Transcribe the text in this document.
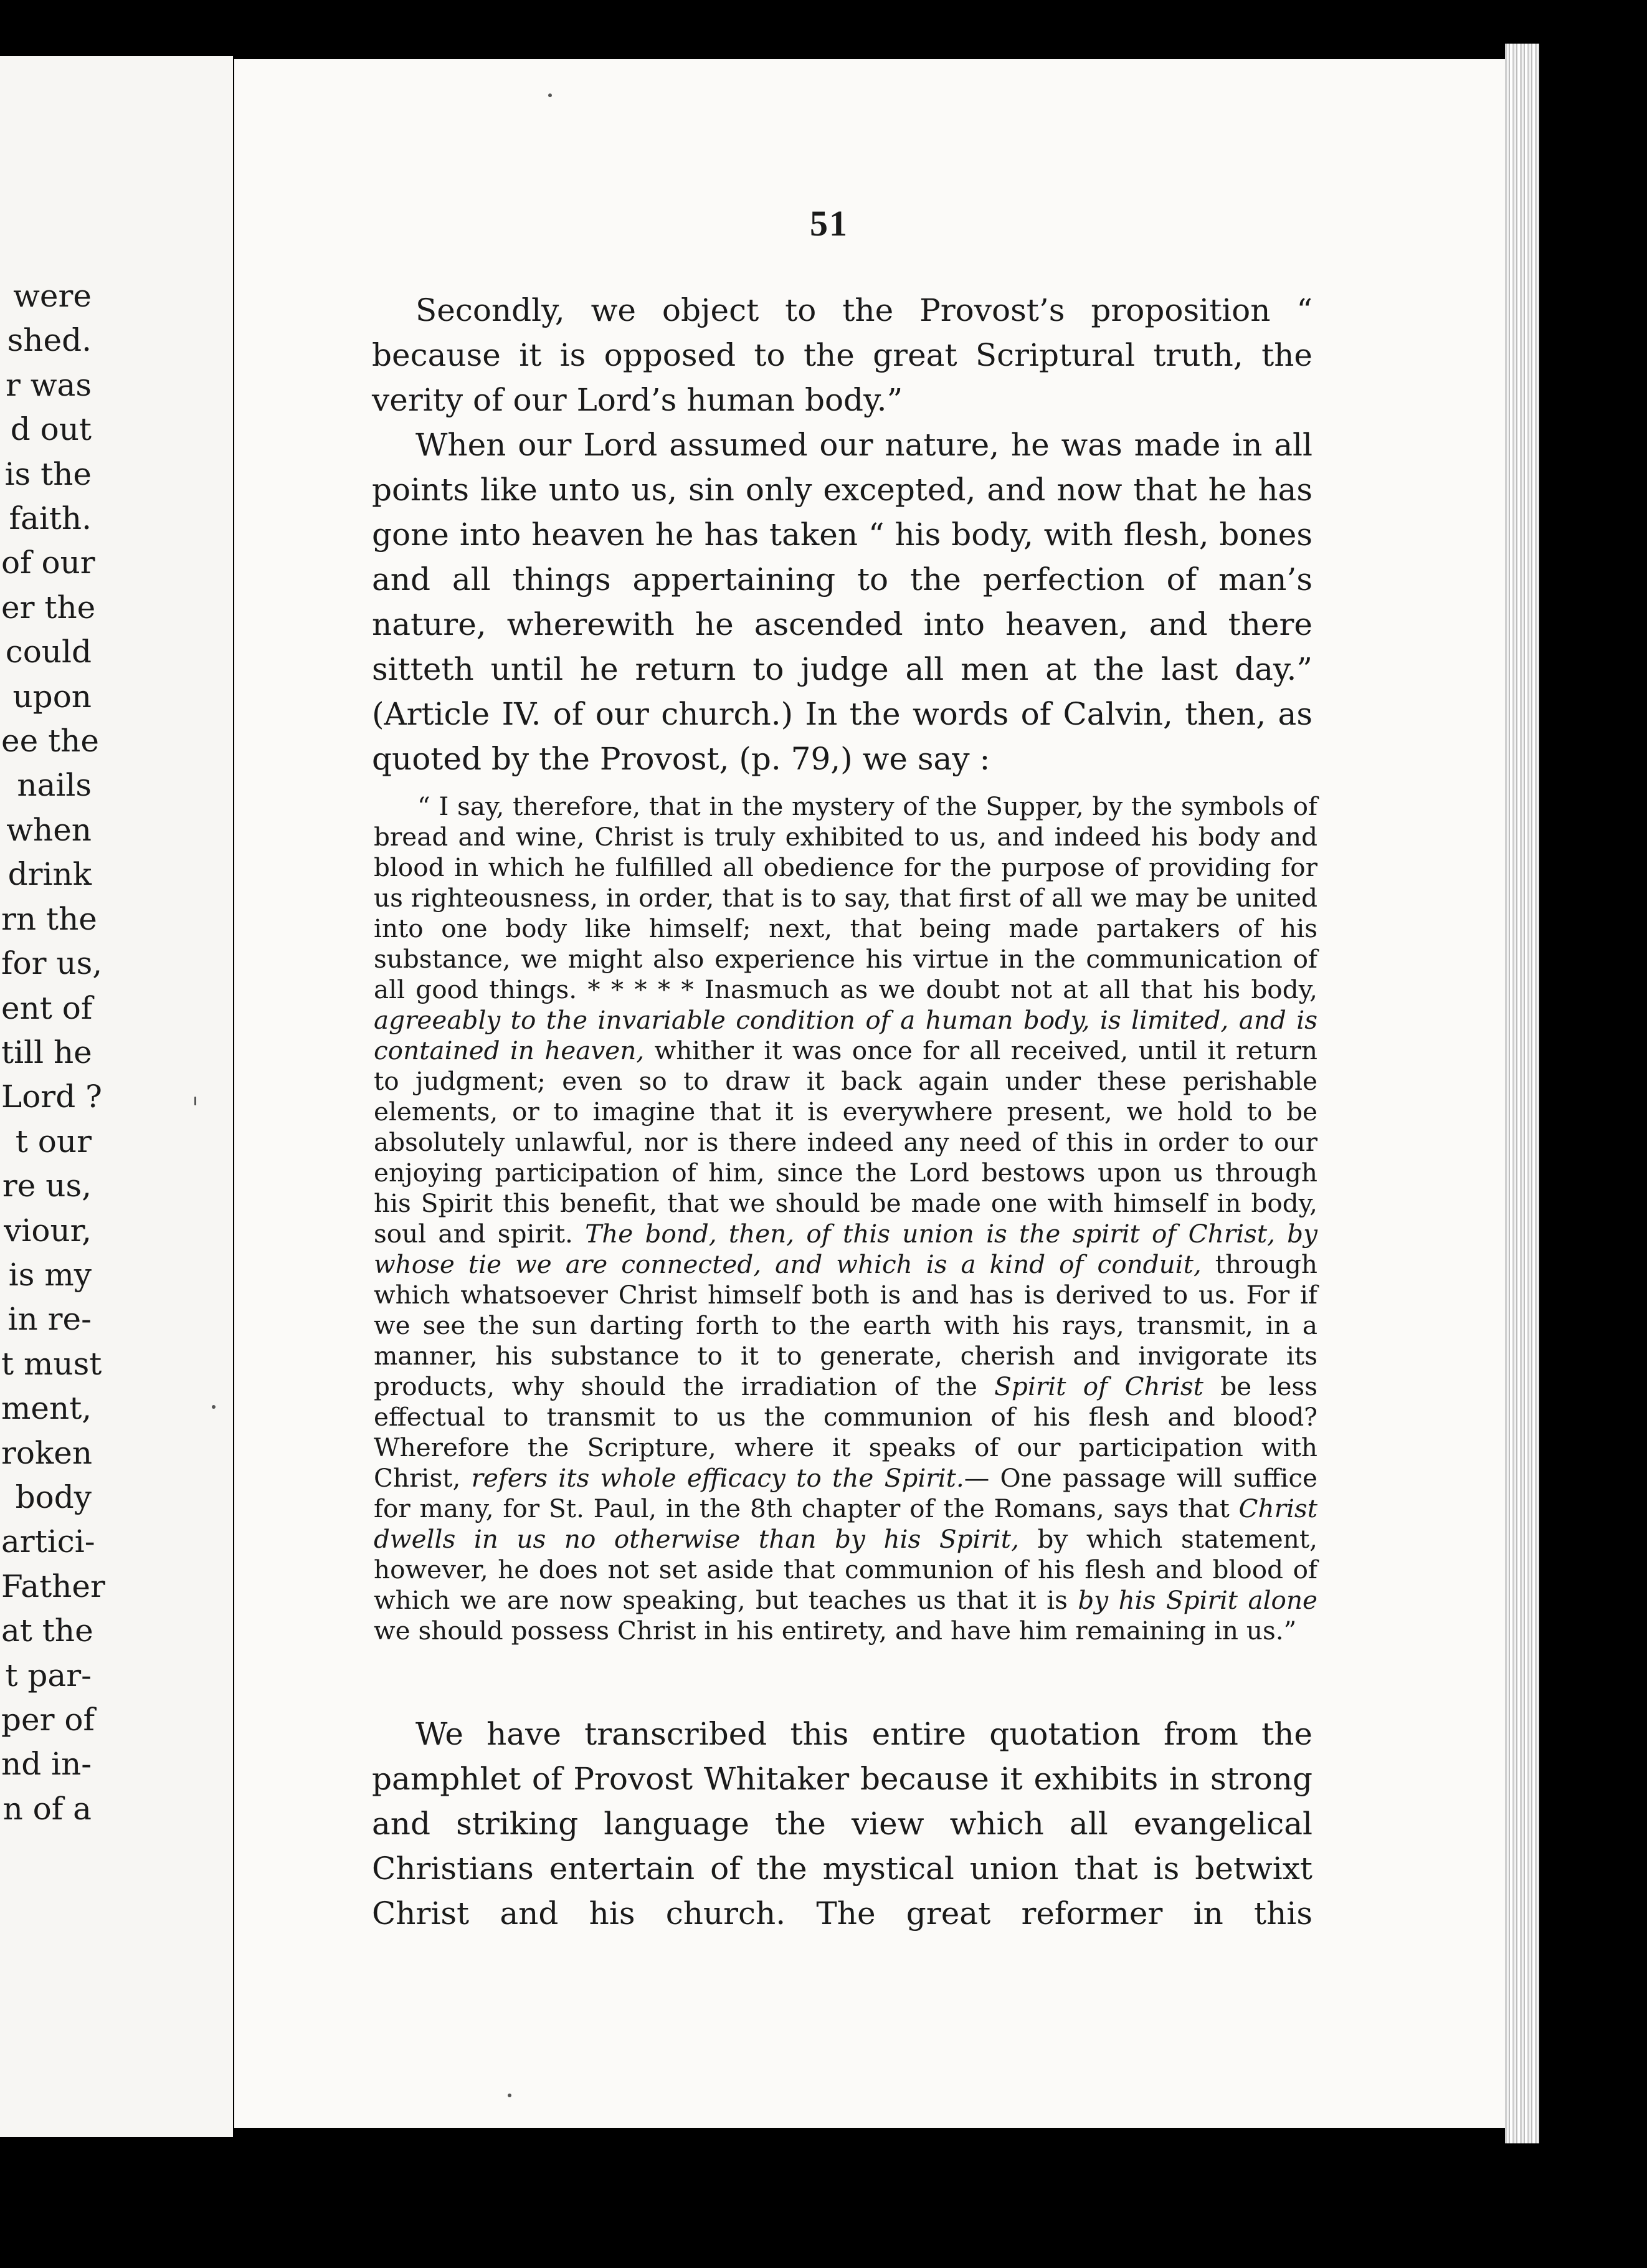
were
shed.
r was
d out
is the
faith.
of our
er the
could
upon
ee the
nails
when
drink
rn the
for us,
ent of
till he
Lord ?
t our
re us,
viour,
is my
in re-
t must
ment,
roken
body
artici-
Father
at the
t par-
per of
nd in-
n of a
51

Secondly, we object to the Provost’s proposition “ because it is opposed to the great Scriptural truth, the verity of our Lord’s human body.”

When our Lord assumed our nature, he was made in all points like unto us, sin only excepted, and now that he has gone into heaven he has taken “ his body, with flesh, bones and all things appertaining to the perfection of man’s nature, wherewith he ascended into heaven, and there sitteth until he return to judge all men at the last day.” (Article IV. of our church.) In the words of Calvin, then, as quoted by the Provost, (p. 79,) we say :

“ I say, therefore, that in the mystery of the Supper, by the symbols of bread and wine, Christ is truly exhibited to us, and indeed his body and blood in which he fulfilled all obedience for the purpose of providing for us righteousness, in order, that is to say, that first of all we may be united into one body like himself; next, that being made partakers of his substance, we might also experience his virtue in the communication of all good things. * * * * * Inasmuch as we doubt not at all that his body, agreeably to the invariable condition of a human body, is limited, and is contained in heaven, whither it was once for all received, until it return to judgment; even so to draw it back again under these perishable elements, or to imagine that it is everywhere present, we hold to be absolutely unlawful, nor is there indeed any need of this in order to our enjoying participation of him, since the Lord bestows upon us through his Spirit this benefit, that we should be made one with himself in body, soul and spirit. The bond, then, of this union is the spirit of Christ, by whose tie we are connected, and which is a kind of conduit, through which whatsoever Christ himself both is and has is derived to us. For if we see the sun darting forth to the earth with his rays, transmit, in a manner, his substance to it to generate, cherish and invigorate its products, why should the irradiation of the Spirit of Christ be less effectual to transmit to us the communion of his flesh and blood? Wherefore the Scripture, where it speaks of our participation with Christ, refers its whole efficacy to the Spirit.— One passage will suffice for many, for St. Paul, in the 8th chapter of the Romans, says that Christ dwells in us no otherwise than by his Spirit, by which statement, however, he does not set aside that communion of his flesh and blood of which we are now speaking, but teaches us that it is by his Spirit alone we should possess Christ in his entirety, and have him remaining in us.”

We have transcribed this entire quotation from the pamphlet of Provost Whitaker because it exhibits in strong and striking language the view which all evangelical Christians entertain of the mystical union that is betwixt Christ and his church. The great reformer in this
